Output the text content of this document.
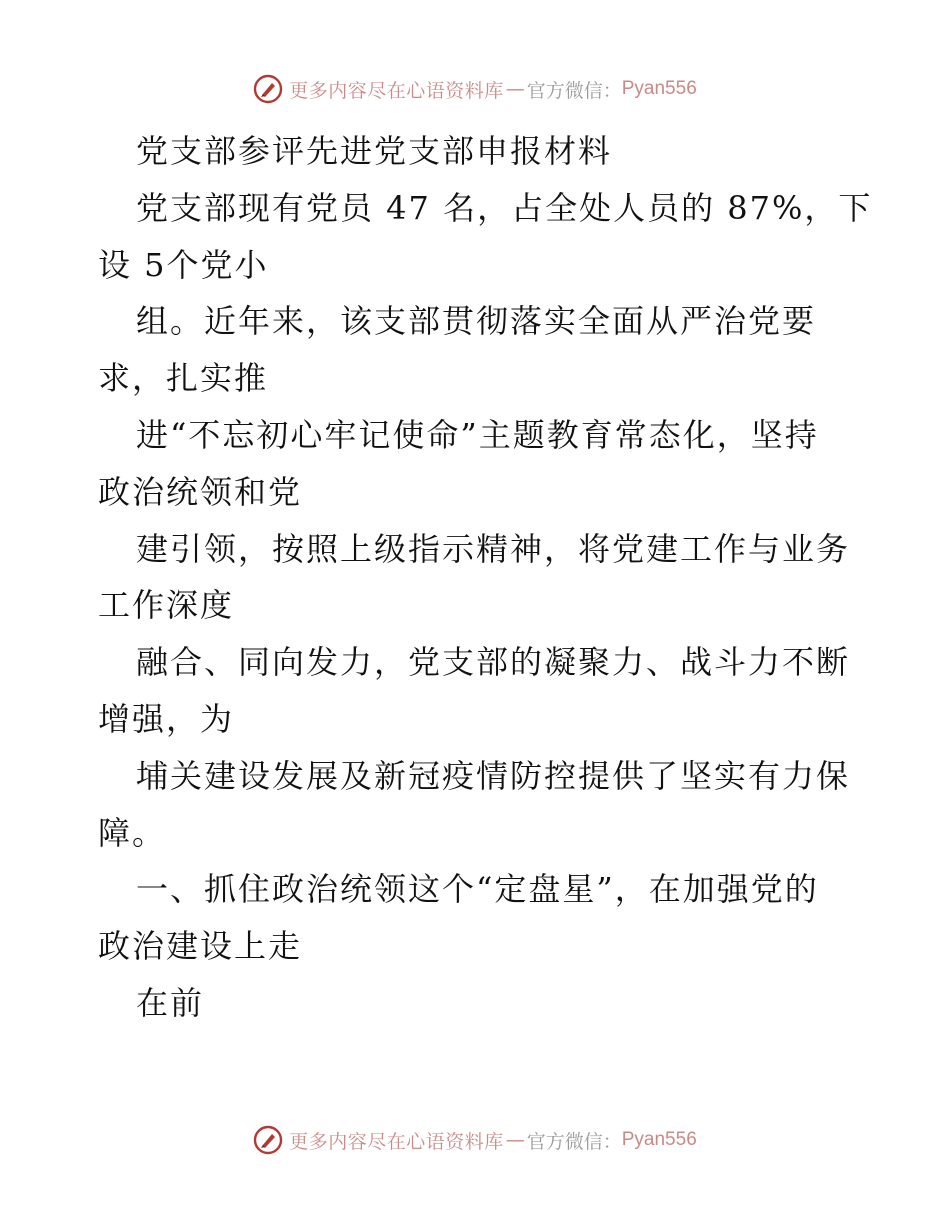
更多内容尽在心语资料库 — 官方微信： Pyan556
党支部参评先进党支部申报材料
党支部现有党员 47 名，占全处人员的 87%，下
设 5个党小
组。近年来，该支部贯彻落实全面从严治党要
求，扎实推
进“不忘初心牢记使命”主题教育常态化，坚持
政治统领和党
建引领，按照上级指示精神，将党建工作与业务
工作深度
融合、同向发力，党支部的凝聚力、战斗力不断
增强，为
埔关建设发展及新冠疫情防控提供了坚实有力保
障。
一、抓住政治统领这个“定盘星”，在加强党的
政治建设上走
在前
更多内容尽在心语资料库 — 官方微信： Pyan556
